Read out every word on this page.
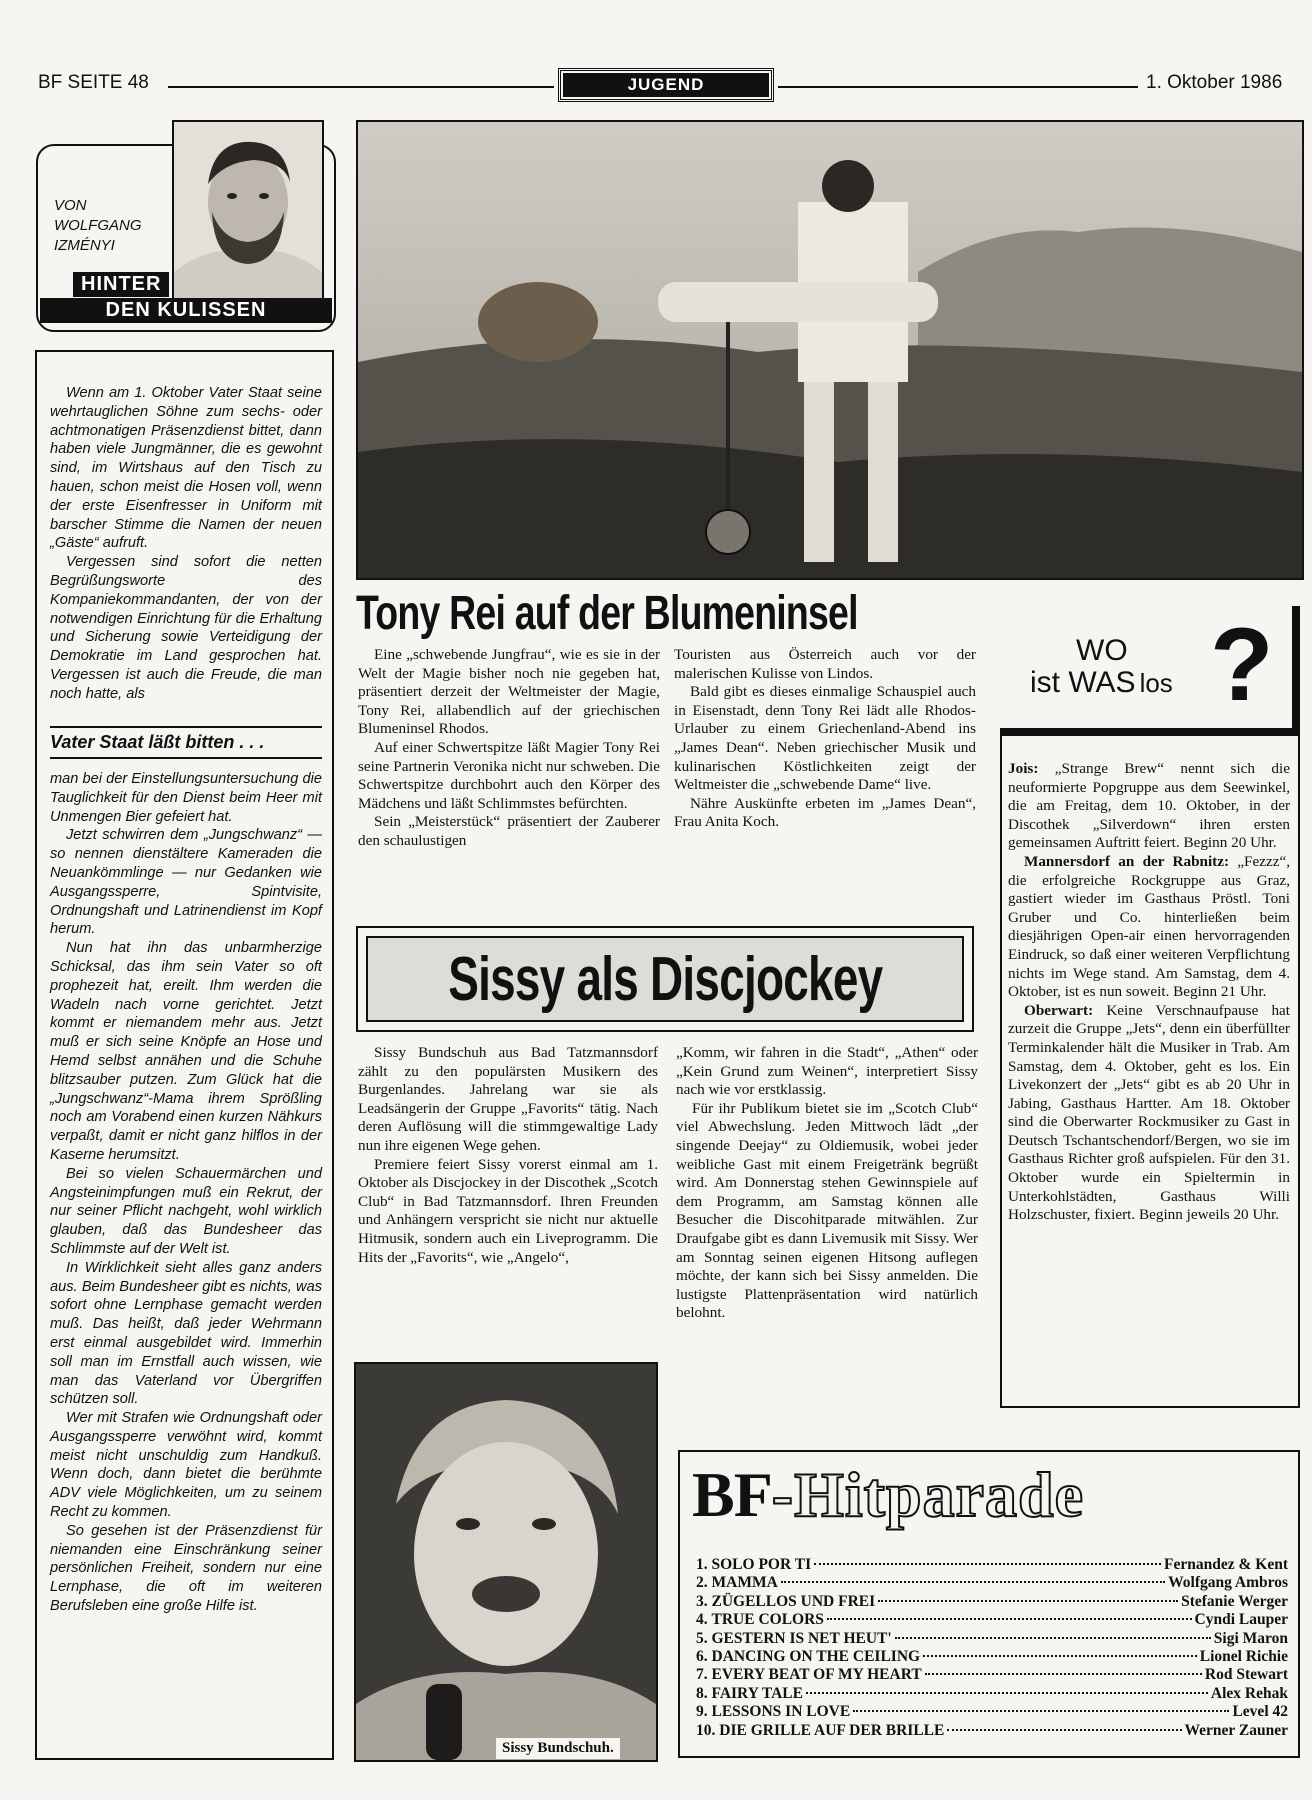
BF SEITE 48	JUGEND	1. Oktober 1986
VON
WOLFGANG
IZMÉNYI
HINTER
DEN KULISSEN

Wenn am 1. Oktober Vater Staat seine wehrtauglichen Söhne zum sechs- oder achtmonatigen Präsenzdienst bittet, dann haben viele Jungmänner, die es gewohnt sind, im Wirtshaus auf den Tisch zu hauen, schon meist die Hosen voll, wenn der erste Eisenfresser in Uniform mit barscher Stimme die Namen der neuen „Gäste“ aufruft.

Vergessen sind sofort die netten Begrüßungsworte des Kompaniekommandanten, der von der notwendigen Einrichtung für die Erhaltung und Sicherung sowie Verteidigung der Demokratie im Land gesprochen hat. Vergessen ist auch die Freude, die man noch hatte, als

Vater Staat läßt bitten . . .

man bei der Einstellungsuntersuchung die Tauglichkeit für den Dienst beim Heer mit Unmengen Bier gefeiert hat.

Jetzt schwirren dem „Jungschwanz“ — so nennen dienstältere Kameraden die Neuankömmlinge — nur Gedanken wie Ausgangssperre, Spintvisite, Ordnungshaft und Latrinendienst im Kopf herum.

Nun hat ihn das unbarmherzige Schicksal, das ihm sein Vater so oft prophezeit hat, ereilt. Ihm werden die Wadeln nach vorne gerichtet. Jetzt kommt er niemandem mehr aus. Jetzt muß er sich seine Knöpfe an Hose und Hemd selbst annähen und die Schuhe blitzsauber putzen. Zum Glück hat die „Jungschwanz“-Mama ihrem Sprößling noch am Vorabend einen kurzen Nähkurs verpaßt, damit er nicht ganz hilflos in der Kaserne herumsitzt.

Bei so vielen Schauermärchen und Angsteinimpfungen muß ein Rekrut, der nur seiner Pflicht nachgeht, wohl wirklich glauben, daß das Bundesheer das Schlimmste auf der Welt ist.

In Wirklichkeit sieht alles ganz anders aus. Beim Bundesheer gibt es nichts, was sofort ohne Lernphase gemacht werden muß. Das heißt, daß jeder Wehrmann erst einmal ausgebildet wird. Immerhin soll man im Ernstfall auch wissen, wie man das Vaterland vor Übergriffen schützen soll.

Wer mit Strafen wie Ordnungshaft oder Ausgangssperre verwöhnt wird, kommt meist nicht unschuldig zum Handkuß. Wenn doch, dann bietet die berühmte ADV viele Möglichkeiten, um zu seinem Recht zu kommen.

So gesehen ist der Präsenzdienst für niemanden eine Einschränkung seiner persönlichen Freiheit, sondern nur eine Lernphase, die oft im weiteren Berufsleben eine große Hilfe ist.

Tony Rei auf der Blumeninsel

Eine „schwebende Jungfrau“, wie es sie in der Welt der Magie bisher noch nie gegeben hat, präsentiert derzeit der Weltmeister der Magie, Tony Rei, allabendlich auf der griechischen Blumeninsel Rhodos.

Auf einer Schwertspitze läßt Magier Tony Rei seine Partnerin Veronika nicht nur schweben. Die Schwertspitze durchbohrt auch den Körper des Mädchens und läßt Schlimmstes befürchten.

Sein „Meisterstück“ präsentiert der Zauberer den schaulustigen

Touristen aus Österreich auch vor der malerischen Kulisse von Lindos.

Bald gibt es dieses einmalige Schauspiel auch in Eisenstadt, denn Tony Rei lädt alle Rhodos-Urlauber zu einem Griechenland-Abend ins „James Dean“. Neben griechischer Musik und kulinarischen Köstlichkeiten zeigt der Weltmeister die „schwebende Dame“ live.

Nähre Auskünfte erbeten im „James Dean“, Frau Anita Koch.

Sissy als Discjockey

Sissy Bundschuh aus Bad Tatzmannsdorf zählt zu den populärsten Musikern des Burgenlandes. Jahrelang war sie als Leadsängerin der Gruppe „Favorits“ tätig. Nach deren Auflösung will die stimmgewaltige Lady nun ihre eigenen Wege gehen.

Premiere feiert Sissy vorerst einmal am 1. Oktober als Discjockey in der Discothek „Scotch Club“ in Bad Tatzmannsdorf. Ihren Freunden und Anhängern verspricht sie nicht nur aktuelle Hitmusik, sondern auch ein Liveprogramm. Die Hits der „Favorits“, wie „Angelo“,

„Komm, wir fahren in die Stadt“, „Athen“ oder „Kein Grund zum Weinen“, interpretiert Sissy nach wie vor erstklassig.

Für ihr Publikum bietet sie im „Scotch Club“ viel Abwechslung. Jeden Mittwoch lädt „der singende Deejay“ zu Oldiemusik, wobei jeder weibliche Gast mit einem Freigetränk begrüßt wird. Am Donnerstag stehen Gewinnspiele auf dem Programm, am Samstag können alle Besucher die Discohitparade mitwählen. Zur Draufgabe gibt es dann Livemusik mit Sissy. Wer am Sonntag seinen eigenen Hitsong auflegen möchte, der kann sich bei Sissy anmelden. Die lustigste Plattenpräsentation wird natürlich belohnt.

Sissy Bundschuh.
WO
ist WAS los ?

Jois: „Strange Brew“ nennt sich die neuformierte Popgruppe aus dem Seewinkel, die am Freitag, dem 10. Oktober, in der Discothek „Silverdown“ ihren ersten gemeinsamen Auftritt feiert. Beginn 20 Uhr.

Mannersdorf an der Rabnitz: „Fezzz“, die erfolgreiche Rockgruppe aus Graz, gastiert wieder im Gasthaus Pröstl. Toni Gruber und Co. hinterließen beim diesjährigen Open-air einen hervorragenden Eindruck, so daß einer weiteren Verpflichtung nichts im Wege stand. Am Samstag, dem 4. Oktober, ist es nun soweit. Beginn 21 Uhr.

Oberwart: Keine Verschnaufpause hat zurzeit die Gruppe „Jets“, denn ein überfüllter Terminkalender hält die Musiker in Trab. Am Samstag, dem 4. Oktober, geht es los. Ein Livekonzert der „Jets“ gibt es ab 20 Uhr in Jabing, Gasthaus Hartter. Am 18. Oktober sind die Oberwarter Rockmusiker zu Gast in Deutsch Tschantschendorf/Bergen, wo sie im Gasthaus Richter groß aufspielen. Für den 31. Oktober wurde ein Spieltermin in Unterkohlstädten, Gasthaus Willi Holzschuster, fixiert. Beginn jeweils 20 Uhr.

BF-Hitparade
1.
SOLO POR TI	Fernandez & Kent
2.
MAMMA	Wolfgang Ambros
3.
ZÜGELLOS UND FREI	Stefanie Werger
4.
TRUE COLORS	Cyndi Lauper
5.
GESTERN IS NET HEUT'	Sigi Maron
6.
DANCING ON THE CEILING	Lionel Richie
7.
EVERY BEAT OF MY HEART	Rod Stewart
8.
FAIRY TALE	Alex Rehak
9.
LESSONS IN LOVE	Level 42
10.
DIE GRILLE AUF DER BRILLE	Werner Zauner
